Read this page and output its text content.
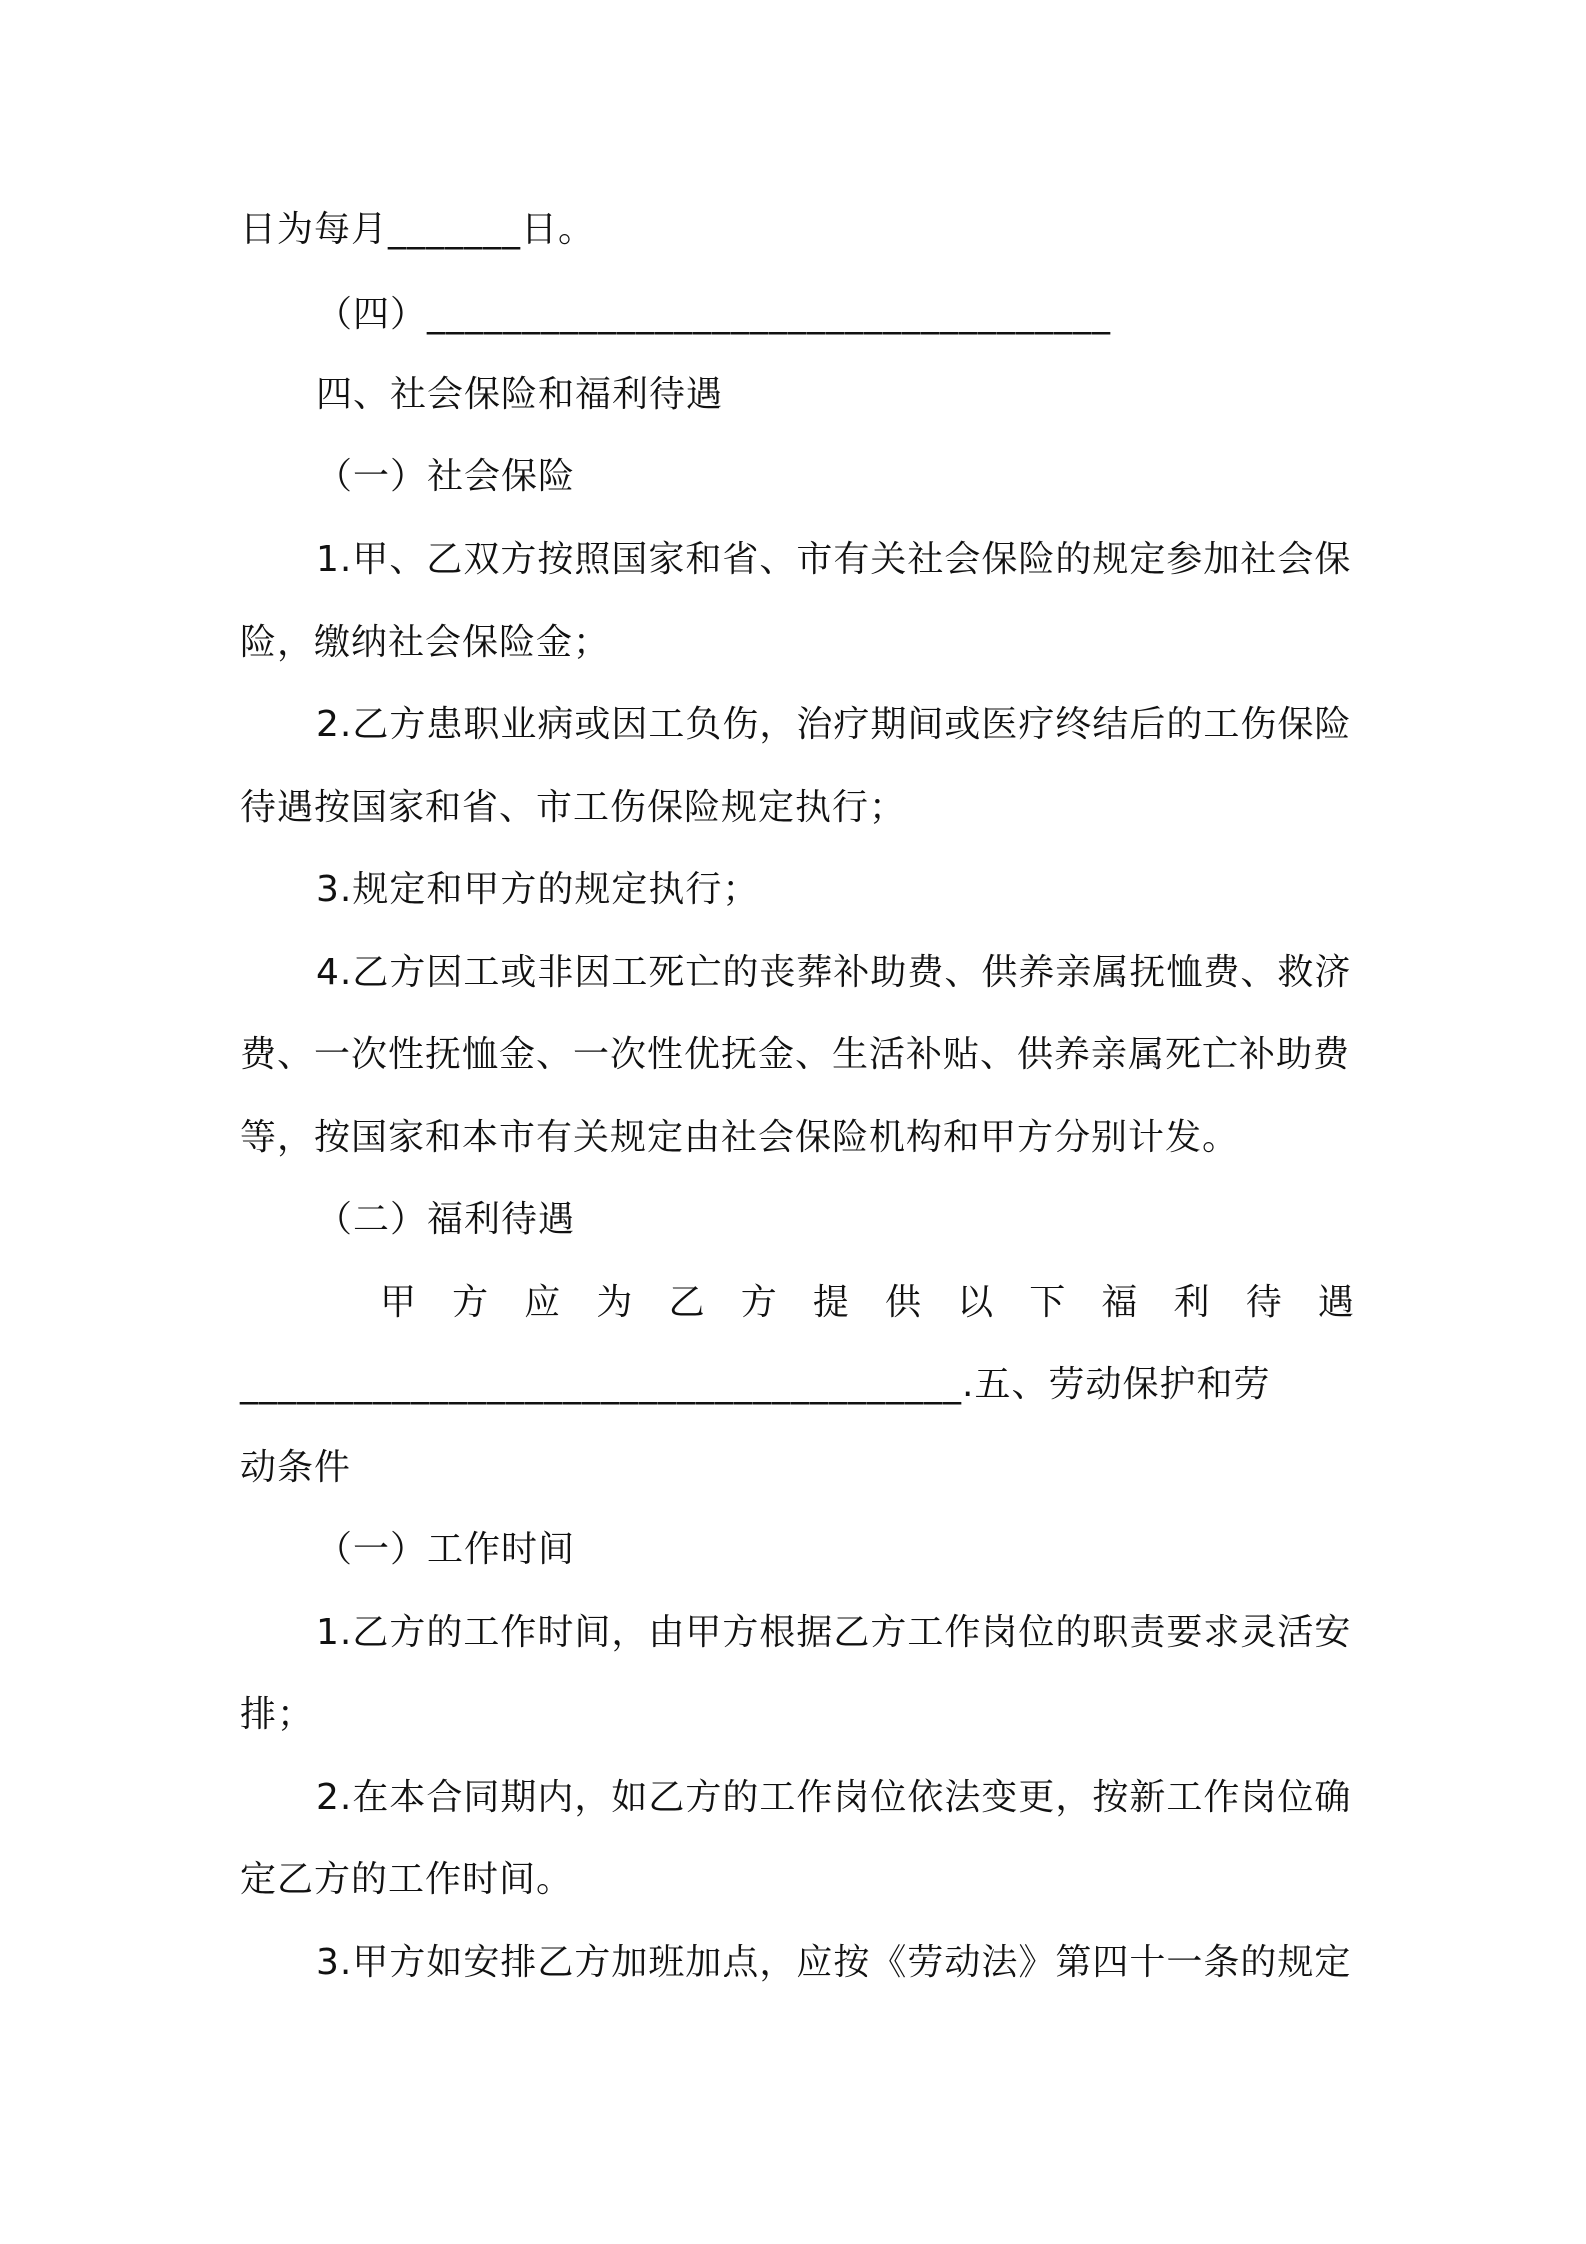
日为每月_______日。
（四）____________________________________
四、社会保险和福利待遇
（一）社会保险
1.甲、乙双方按照国家和省、市有关社会保险的规定参加社会保
险，缴纳社会保险金；
2.乙方患职业病或因工负伤，治疗期间或医疗终结后的工伤保险
待遇按国家和省、市工伤保险规定执行；
3.规定和甲方的规定执行；
4.乙方因工或非因工死亡的丧葬补助费、供养亲属抚恤费、救济
费、一次性抚恤金、一次性优抚金、生活补贴、供养亲属死亡补助费
等，按国家和本市有关规定由社会保险机构和甲方分别计发。
（二）福利待遇
甲 方 应 为 乙 方 提 供 以 下 福 利 待 遇
______________________________________.五、劳动保护和劳
动条件
（一）工作时间
1.乙方的工作时间，由甲方根据乙方工作岗位的职责要求灵活安
排；
2.在本合同期内，如乙方的工作岗位依法变更，按新工作岗位确
定乙方的工作时间。
3.甲方如安排乙方加班加点，应按《劳动法》第四十一条的规定
